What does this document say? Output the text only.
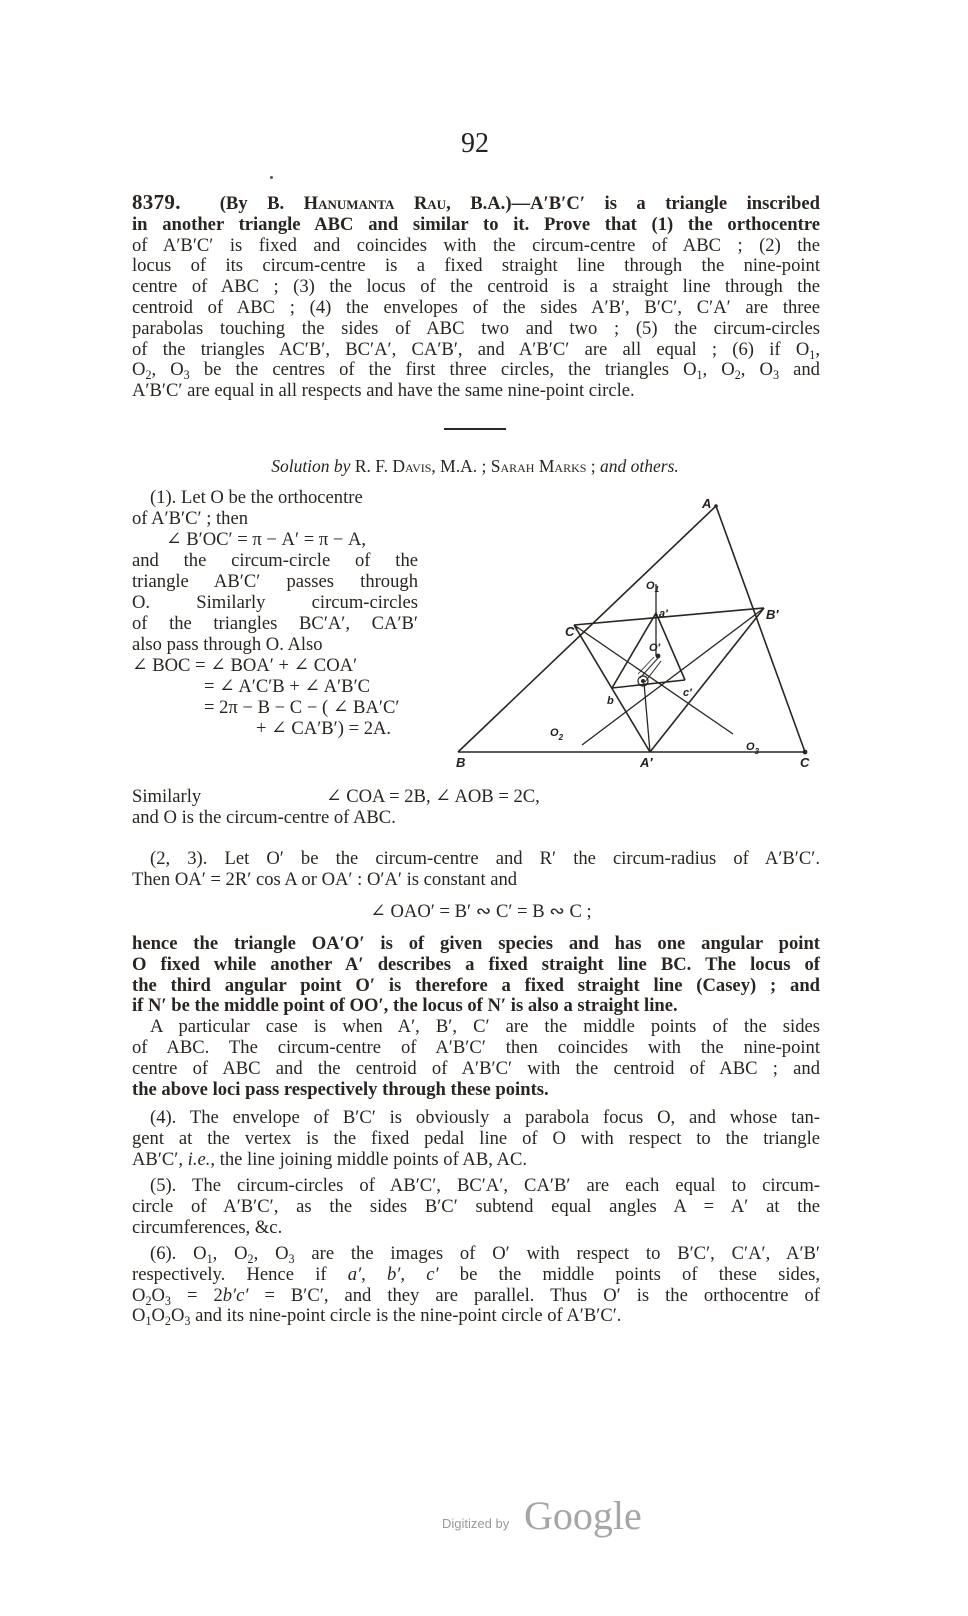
92
8379. (By B. Hanumanta Rau, B.A.)—A′B′C′ is a triangle inscribed
in another triangle ABC and similar to it. Prove that (1) the orthocentre
of A′B′C′ is fixed and coincides with the circum-centre of ABC ; (2) the
locus of its circum-centre is a fixed straight line through the nine-point
centre of ABC ; (3) the locus of the centroid is a straight line through the
centroid of ABC ; (4) the envelopes of the sides A′B′, B′C′, C′A′ are three
parabolas touching the sides of ABC two and two ; (5) the circum-circles
of the triangles AC′B′, BC′A′, CA′B′, and A′B′C′ are all equal ; (6) if $O_1$,
$O_2$, $O_3$ be the centres of the first three circles, the triangles $O_1$, $O_2$, $O_3$ and
A′B′C′ are equal in all respects and have the same nine-point circle.
Solution by R. F. Davis, M.A. ; Sarah Marks ; and others.
(1). Let O be the orthocentre
of A′B′C′ ; then
∠ B′OC′ = π − A′ = π − A,
and the circum-circle of the
triangle AB′C′ passes through
O. Similarly circum-circles
of the triangles BC′A′, CA′B′
also pass through O. Also
∠ BOC = ∠ BOA′ + ∠ COA′
= ∠ A′C′B + ∠ A′B′C
= 2π − B − C − ( ∠ BA′C′
+ ∠ CA′B′) = 2A.
A
B	C
A′
B′
C′
$O_1$
$O_2$
$O_3$
a′
b
c′
O′
Similarly	∠ COA = 2B, ∠ AOB = 2C,
and O is the circum-centre of ABC.
(2, 3). Let O′ be the circum-centre and R′ the circum-radius of A′B′C′.
Then OA′ = 2R′ cos A or OA′ : O′A′ is constant and
∠ OAO′ = B′ ∾ C′ = B ∾ C ;
hence the triangle OA′O′ is of given species and has one angular point
O fixed while another A′ describes a fixed straight line BC. The locus of
the third angular point O′ is therefore a fixed straight line (Casey) ; and
if N′ be the middle point of OO′, the locus of N′ is also a straight line.
A particular case is when A′, B′, C′ are the middle points of the sides
of ABC. The circum-centre of A′B′C′ then coincides with the nine-point
centre of ABC and the centroid of A′B′C′ with the centroid of ABC ; and
the above loci pass respectively through these points.
(4). The envelope of B′C′ is obviously a parabola focus O, and whose tan-
gent at the vertex is the fixed pedal line of O with respect to the triangle
AB′C′, i.e., the line joining middle points of AB, AC.
(5). The circum-circles of AB′C′, BC′A′, CA′B′ are each equal to circum-
circle of A′B′C′, as the sides B′C′ subtend equal angles A = A′ at the
circumferences, &c.
(6). $O_1$, $O_2$, $O_3$ are the images of O′ with respect to B′C′, C′A′, A′B′
respectively. Hence if a′, b′, c′ be the middle points of these sides,
$O_2O_3 = 2b'c' = B'C'$, and they are parallel. Thus O′ is the orthocentre of
$O_1O_2O_3$ and its nine-point circle is the nine-point circle of A′B′C′.
Digitized by Google
